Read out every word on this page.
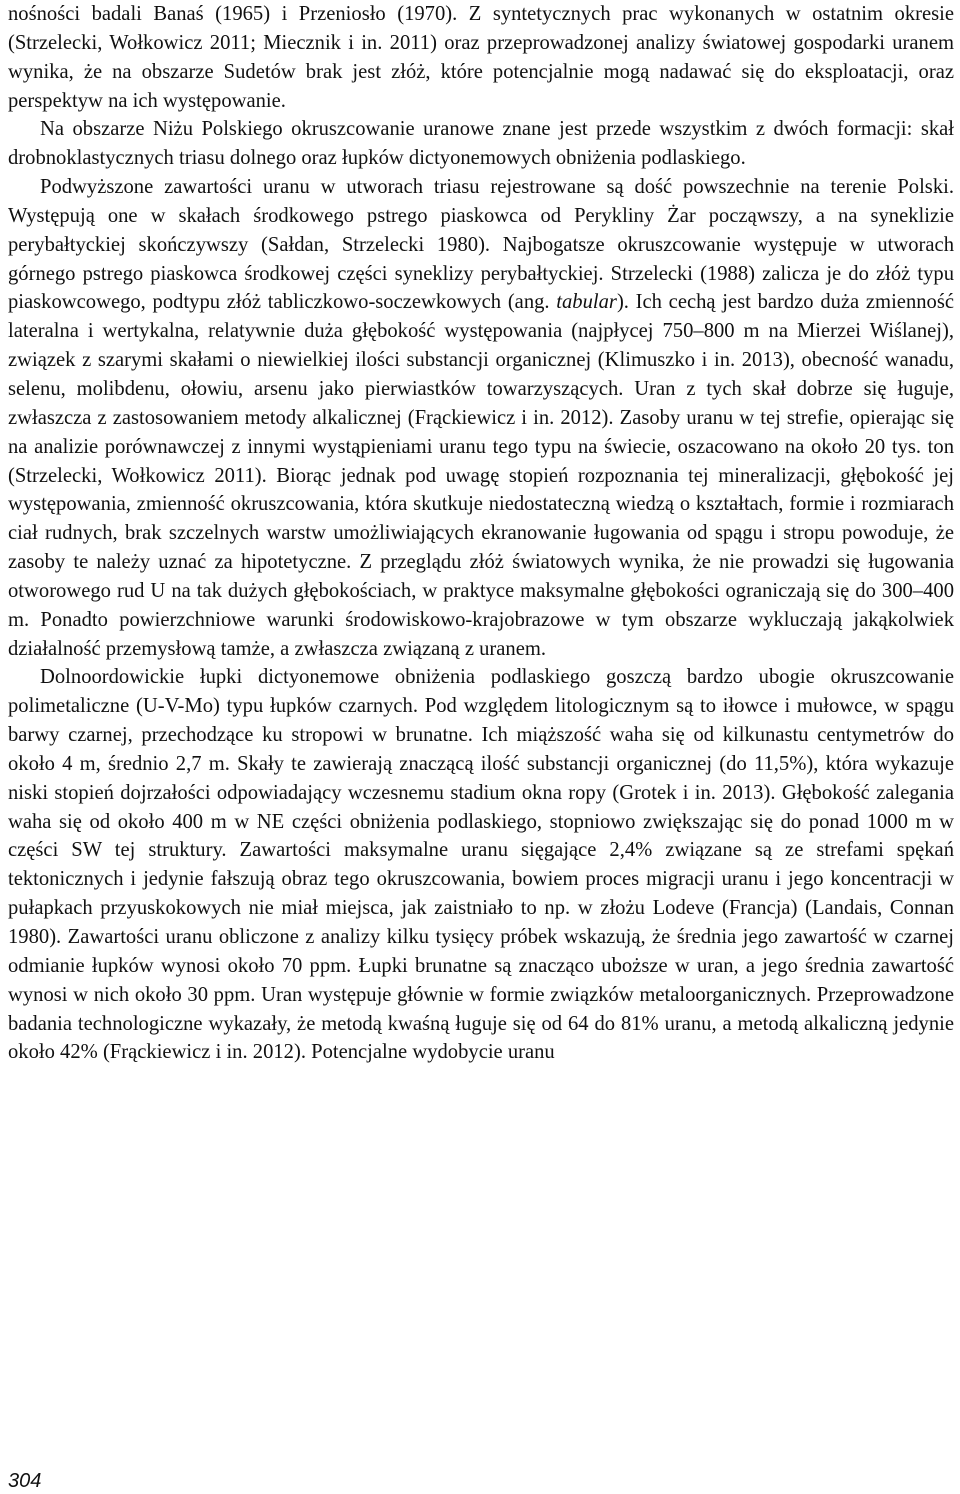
nośności badali Banaś (1965) i Przeniosło (1970). Z syntetycznych prac wykonanych w ostatnim okresie (Strzelecki, Wołkowicz 2011; Miecznik i in. 2011) oraz przeprowadzonej analizy światowej gospodarki uranem wynika, że na obszarze Sudetów brak jest złóż, które potencjalnie mogą nadawać się do eksploatacji, oraz perspektyw na ich występowanie.

Na obszarze Niżu Polskiego okruszcowanie uranowe znane jest przede wszystkim z dwóch formacji: skał drobnoklastycznych triasu dolnego oraz łupków dictyonemowych obniżenia podlaskiego.

Podwyższone zawartości uranu w utworach triasu rejestrowane są dość powszechnie na terenie Polski. Występują one w skałach środkowego pstrego piaskowca od Perykliny Żar począwszy, a na syneklizie perybałtyckiej skończywszy (Sałdan, Strzelecki 1980). Najbogatsze okruszcowanie występuje w utworach górnego pstrego piaskowca środkowej części syneklizy perybałtyckiej. Strzelecki (1988) zalicza je do złóż typu piaskowcowego, podtypu złóż tabliczkowo-soczewkowych (ang. tabular). Ich cechą jest bardzo duża zmienność lateralna i wertykalna, relatywnie duża głębokość występowania (najpłycej 750–800 m na Mierzei Wiślanej), związek z szarymi skałami o niewielkiej ilości substancji organicznej (Klimuszko i in. 2013), obecność wanadu, selenu, molibdenu, ołowiu, arsenu jako pierwiastków towarzyszących. Uran z tych skał dobrze się ługuje, zwłaszcza z zastosowaniem metody alkalicznej (Frąckiewicz i in. 2012). Zasoby uranu w tej strefie, opierając się na analizie porównawczej z innymi wystąpieniami uranu tego typu na świecie, oszacowano na około 20 tys. ton (Strzelecki, Wołkowicz 2011). Biorąc jednak pod uwagę stopień rozpoznania tej mineralizacji, głębokość jej występowania, zmienność okruszcowania, która skutkuje niedostateczną wiedzą o kształtach, formie i rozmiarach ciał rudnych, brak szczelnych warstw umożliwiających ekranowanie ługowania od spągu i stropu powoduje, że zasoby te należy uznać za hipotetyczne. Z przeglądu złóż światowych wynika, że nie prowadzi się ługowania otworowego rud U na tak dużych głębokościach, w praktyce maksymalne głębokości ograniczają się do 300–400 m. Ponadto powierzchniowe warunki środowiskowo-krajobrazowe w tym obszarze wykluczają jakąkolwiek działalność przemysłową tamże, a zwłaszcza związaną z uranem.

Dolnoordowickie łupki dictyonemowe obniżenia podlaskiego goszczą bardzo ubogie okruszcowanie polimetaliczne (U-V-Mo) typu łupków czarnych. Pod względem litologicznym są to iłowce i mułowce, w spągu barwy czarnej, przechodzące ku stropowi w brunatne. Ich miąższość waha się od kilkunastu centymetrów do około 4 m, średnio 2,7 m. Skały te zawierają znaczącą ilość substancji organicznej (do 11,5%), która wykazuje niski stopień dojrzałości odpowiadający wczesnemu stadium okna ropy (Grotek i in. 2013). Głębokość zalegania waha się od około 400 m w NE części obniżenia podlaskiego, stopniowo zwiększając się do ponad 1000 m w części SW tej struktury. Zawartości maksymalne uranu sięgające 2,4% związane są ze strefami spękań tektonicznych i jedynie fałszują obraz tego okruszcowania, bowiem proces migracji uranu i jego koncentracji w pułapkach przyuskokowych nie miał miejsca, jak zaistniało to np. w złożu Lodeve (Francja) (Landais, Connan 1980). Zawartości uranu obliczone z analizy kilku tysięcy próbek wskazują, że średnia jego zawartość w czarnej odmianie łupków wynosi około 70 ppm. Łupki brunatne są znacząco uboższe w uran, a jego średnia zawartość wynosi w nich około 30 ppm. Uran występuje głównie w formie związków metaloorganicznych. Przeprowadzone badania technologiczne wykazały, że metodą kwaśną ługuje się od 64 do 81% uranu, a metodą alkaliczną jedynie około 42% (Frąckiewicz i in. 2012). Potencjalne wydobycie uranu

304
